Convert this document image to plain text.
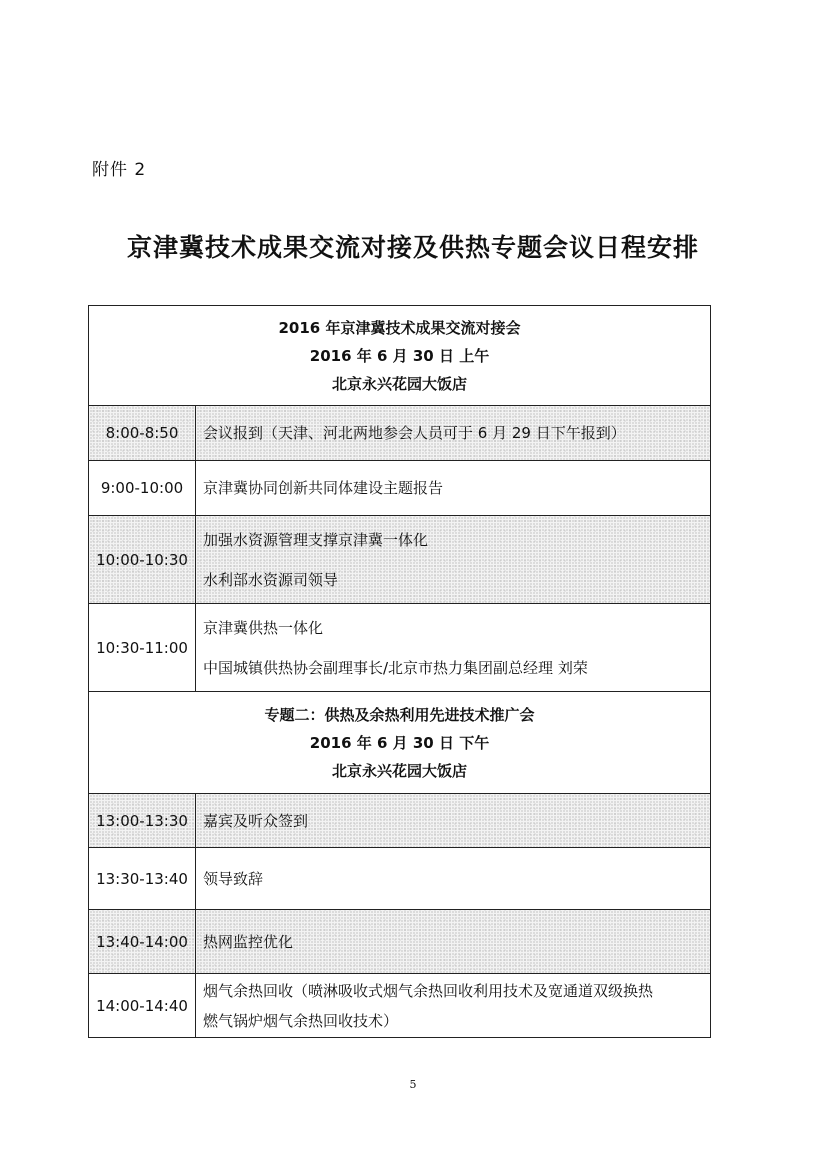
附件 2
京津冀技术成果交流对接及供热专题会议日程安排
2016 年京津冀技术成果交流对接会
2016 年 6 月 30 日 上午
北京永兴花园大饭店	

8:00-8:50	会议报到（天津、河北两地参会人员可于 6 月 29 日下午报到）

9:00-10:00	京津冀协同创新共同体建设主题报告

10:00-10:30	加强水资源管理支撑京津冀一体化
水利部水资源司领导

10:30-11:00	京津冀供热一体化
中国城镇供热协会副理事长/北京市热力集团副总经理 刘荣

专题二：供热及余热利用先进技术推广会
2016 年 6 月 30 日 下午
北京永兴花园大饭店	

13:00-13:30	嘉宾及听众签到

13:30-13:40	领导致辞

13:40-14:00	热网监控优化

14:00-14:40	烟气余热回收（喷淋吸收式烟气余热回收利用技术及宽通道双级换热
燃气锅炉烟气余热回收技术）
5
